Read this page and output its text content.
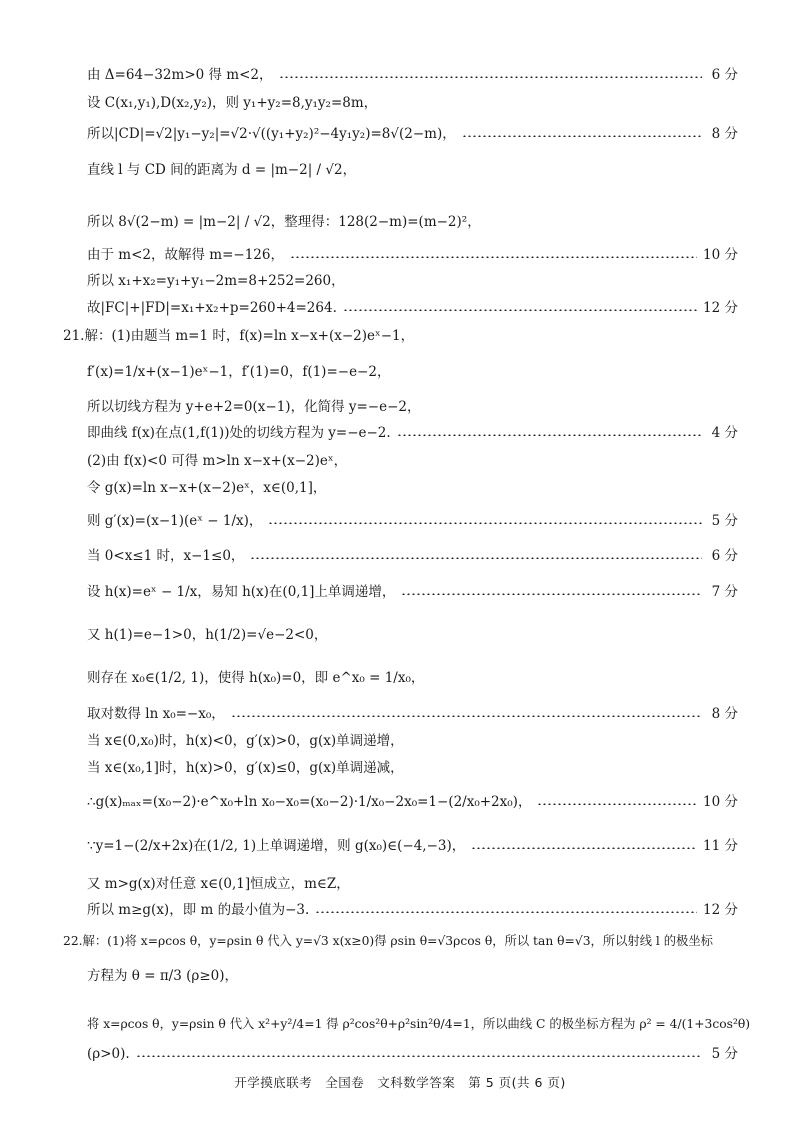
由 Δ=64−32m>0 得 m<2，	6 分
设 C(x₁,y₁),D(x₂,y₂)，则 y₁+y₂=8,y₁y₂=8m，
所以|CD|=√2|y₁−y₂|=√2·√((y₁+y₂)²−4y₁y₂)=8√(2−m)，	8 分
直线 l 与 CD 间的距离为 d = |m−2| / √2，
所以 8√(2−m) = |m−2| / √2，整理得：128(2−m)=(m−2)²，
由于 m<2，故解得 m=−126，	10 分
所以 x₁+x₂=y₁+y₁−2m=8+252=260，
故|FC|+|FD|=x₁+x₂+p=260+4=264.	12 分
21.解：(1)由题当 m=1 时，f(x)=ln x−x+(x−2)eˣ−1，
f′(x)=1/x+(x−1)eˣ−1，f′(1)=0，f(1)=−e−2，
所以切线方程为 y+e+2=0(x−1)，化简得 y=−e−2，
即曲线 f(x)在点(1,f(1))处的切线方程为 y=−e−2.	4 分
(2)由 f(x)<0 可得 m>ln x−x+(x−2)eˣ，
令 g(x)=ln x−x+(x−2)eˣ，x∈(0,1]，
则 g′(x)=(x−1)(eˣ − 1/x)，	5 分
当 0<x≤1 时，x−1≤0，	6 分
设 h(x)=eˣ − 1/x，易知 h(x)在(0,1]上单调递增，	7 分
又 h(1)=e−1>0，h(1/2)=√e−2<0，
则存在 x₀∈(1/2, 1)，使得 h(x₀)=0，即 e^x₀ = 1/x₀，
取对数得 ln x₀=−x₀，	8 分
当 x∈(0,x₀)时，h(x)<0，g′(x)>0，g(x)单调递增，
当 x∈(x₀,1]时，h(x)>0，g′(x)≤0，g(x)单调递减，
∴g(x)ₘₐₓ=(x₀−2)·e^x₀+ln x₀−x₀=(x₀−2)·1/x₀−2x₀=1−(2/x₀+2x₀)，	10 分
∵y=1−(2/x+2x)在(1/2, 1)上单调递增，则 g(x₀)∈(−4,−3)，	11 分
又 m>g(x)对任意 x∈(0,1]恒成立，m∈Z，
所以 m≥g(x)，即 m 的最小值为−3.	12 分
22.解：(1)将 x=ρcos θ，y=ρsin θ 代入 y=√3 x(x≥0)得 ρsin θ=√3ρcos θ，所以 tan θ=√3，所以射线 l 的极坐标
方程为 θ = π/3 (ρ≥0)，
将 x=ρcos θ，y=ρsin θ 代入 x²+y²/4=1 得 ρ²cos²θ+ρ²sin²θ/4=1，所以曲线 C 的极坐标方程为 ρ² = 4/(1+3cos²θ)
(ρ>0).	5 分
开学摸底联考　全国卷　文科数学答案　第 5 页(共 6 页)
